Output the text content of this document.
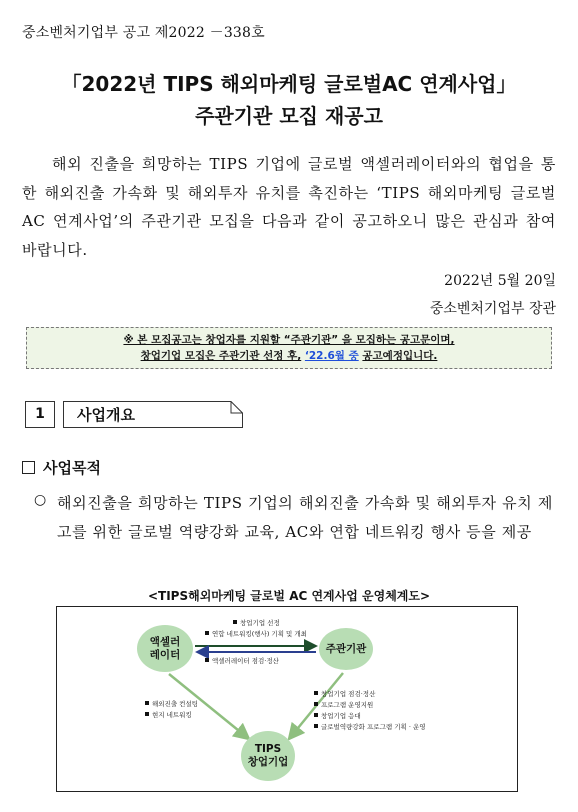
중소벤처기업부 공고 제2022 －338호
｢2022년 TIPS 해외마케팅 글로벌AC 연계사업｣
주관기관 모집 재공고
해외 진출을 희망하는 TIPS 기업에 글로벌 액셀러레이터와의 협업을 통한 해외진출 가속화 및 해외투자 유치를 촉진하는 ‘TIPS 해외마케팅 글로벌AC 연계사업’의 주관기관 모집을 다음과 같이 공고하오니 많은 관심과 참여 바랍니다.
2022년 5월 20일
중소벤처기업부 장관
※ 본 모집공고는 창업자를 지원할 “주관기관” 을 모집하는 공고문이며,
창업기업 모집은 주관기관 선정 후, ‘22.6월 중 공고예정입니다.
1	사업개요
사업목적
○ 해외진출을 희망하는 TIPS 기업의 해외진출 가속화 및 해외투자 유치 제고를 위한 글로벌 역량강화 교육, AC와 연합 네트워킹 행사 등을 제공
<TIPS해외마케팅 글로벌 AC 연계사업 운영체계도>
액셀러
레이터	주관기관
TIPS
창업기업
창업기업 선정
연합 네트워킹(행사) 기획 및 개최
액셀러레이터 점검·정산
해외진출 컨설팅
현지 네트워킹
창업기업 점검·정산
프로그램 운영지원
창업기업 응대
글로벌역량강화 프로그램 기획 · 운영
